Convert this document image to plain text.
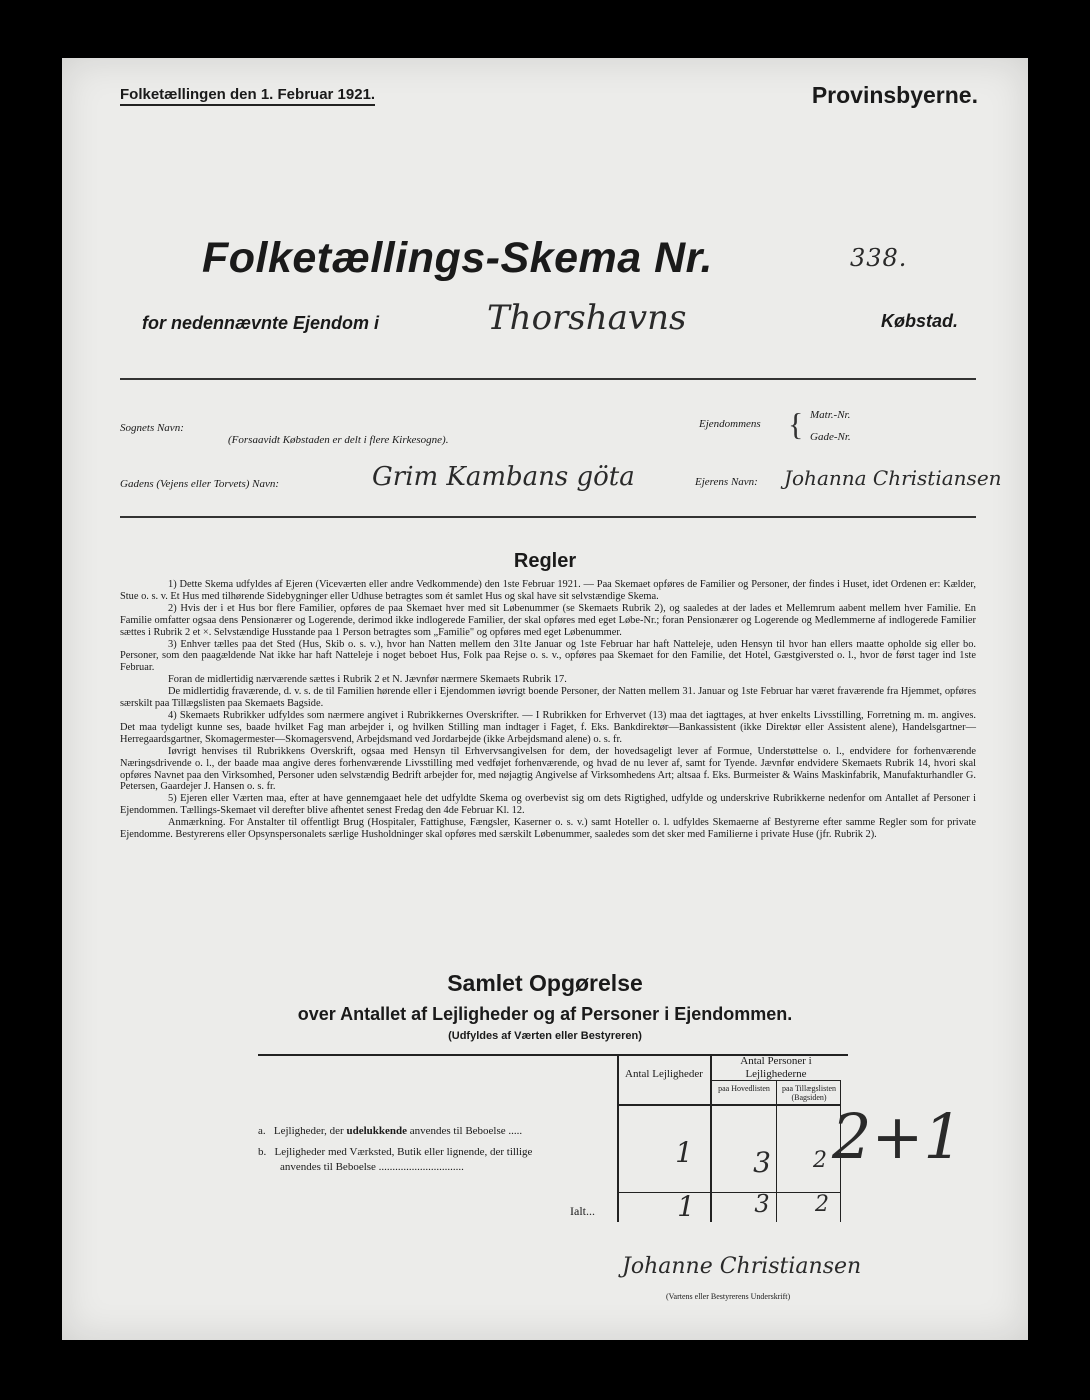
Folketællingen den 1. Februar 1921.	Provinsbyerne.
Folketællings-Skema Nr.	338.
for nedennævnte Ejendom i	Thorshavns	Købstad.
Sognets Navn:
(Forsaavidt Købstaden er delt i flere Kirkesogne).
Ejendommens { Matr.-Nr.
Gade-Nr.
Gadens (Vejens eller Torvets) Navn:	Grim Kambans göta	Ejerens Navn: Johanna Christiansen
Regler

1) Dette Skema udfyldes af Ejeren (Viceværten eller andre Vedkommende) den 1ste Februar 1921. — Paa Skemaet opføres de Familier og Personer, der findes i Huset, idet Ordenen er: Kælder, Stue o. s. v. Et Hus med tilhørende Sidebygninger eller Udhuse betragtes som ét samlet Hus og skal have sit selvstændige Skema.

2) Hvis der i et Hus bor flere Familier, opføres de paa Skemaet hver med sit Løbenummer (se Skemaets Rubrik 2), og saaledes at der lades et Mellemrum aabent mellem hver Familie. En Familie omfatter ogsaa dens Pensionærer og Logerende, derimod ikke indlogerede Familier, der skal opføres med eget Løbe-Nr.; foran Pensionærer og Logerende og Medlemmerne af indlogerede Familier sættes i Rubrik 2 et ×. Selvstændige Husstande paa 1 Person betragtes som „Familie" og opføres med eget Løbenummer.

3) Enhver tælles paa det Sted (Hus, Skib o. s. v.), hvor han Natten mellem den 31te Januar og 1ste Februar har haft Natteleje, uden Hensyn til hvor han ellers maatte opholde sig eller bo. Personer, som den paagældende Nat ikke har haft Natteleje i noget beboet Hus, Folk paa Rejse o. s. v., opføres paa Skemaet for den Familie, det Hotel, Gæstgiversted o. l., hvor de først tager ind 1ste Februar.

Foran de midlertidig nærværende sættes i Rubrik 2 et N. Jævnfør nærmere Skemaets Rubrik 17.

De midlertidig fraværende, d. v. s. de til Familien hørende eller i Ejendommen iøvrigt boende Personer, der Natten mellem 31. Januar og 1ste Februar har været fraværende fra Hjemmet, opføres særskilt paa Tillægslisten paa Skemaets Bagside.

4) Skemaets Rubrikker udfyldes som nærmere angivet i Rubrikkernes Overskrifter. — I Rubrikken for Erhvervet (13) maa det iagttages, at hver enkelts Livsstilling, Forretning m. m. angives. Det maa tydeligt kunne ses, baade hvilket Fag man arbejder i, og hvilken Stilling man indtager i Faget, f. Eks. Bankdirektør—Bankassistent (ikke Direktør eller Assistent alene), Handelsgartner—Herregaardsgartner, Skomagermester—Skomagersvend, Arbejdsmand ved Jordarbejde (ikke Arbejdsmand alene) o. s. fr.

Iøvrigt henvises til Rubrikkens Overskrift, ogsaa med Hensyn til Erhvervsangivelsen for dem, der hovedsageligt lever af Formue, Understøttelse o. l., endvidere for forhenværende Næringsdrivende o. l., der baade maa angive deres forhenværende Livsstilling med vedføjet forhenværende, og hvad de nu lever af, samt for Tyende. Jævnfør endvidere Skemaets Rubrik 14, hvori skal opføres Navnet paa den Virksomhed, Personer uden selvstændig Bedrift arbejder for, med nøjagtig Angivelse af Virksomhedens Art; altsaa f. Eks. Burmeister & Wains Maskinfabrik, Manufakturhandler G. Petersen, Gaardejer J. Hansen o. s. fr.

5) Ejeren eller Værten maa, efter at have gennemgaaet hele det udfyldte Skema og overbevist sig om dets Rigtighed, udfylde og underskrive Rubrikkerne nedenfor om Antallet af Personer i Ejendommen. Tællings-Skemaet vil derefter blive afhentet senest Fredag den 4de Februar Kl. 12.

Anmærkning. For Anstalter til offentligt Brug (Hospitaler, Fattighuse, Fængsler, Kaserner o. s. v.) samt Hoteller o. l. udfyldes Skemaerne af Bestyrerne efter samme Regler som for private Ejendomme. Bestyrerens eller Opsynspersonalets særlige Husholdninger skal opføres med særskilt Løbenummer, saaledes som det sker med Familierne i private Huse (jfr. Rubrik 2).

Samlet Opgørelse
over Antallet af Lejligheder og af Personer i Ejendommen.
(Udfyldes af Værten eller Bestyreren)
Antal Lejligheder
Antal Personer i Lejlighederne
paa Hovedlisten	paa Tillægslisten (Bagsiden)
a. Lejligheder, der udelukkende anvendes til Beboelse .....
b. Lejligheder med Værksted, Butik eller lignende, der tillige
anvendes til Beboelse ...............................	1	3	2 2+1
Ialt...	1	3	2
Johanne Christiansen
(Vartens eller Bestyrerens Underskrift)
